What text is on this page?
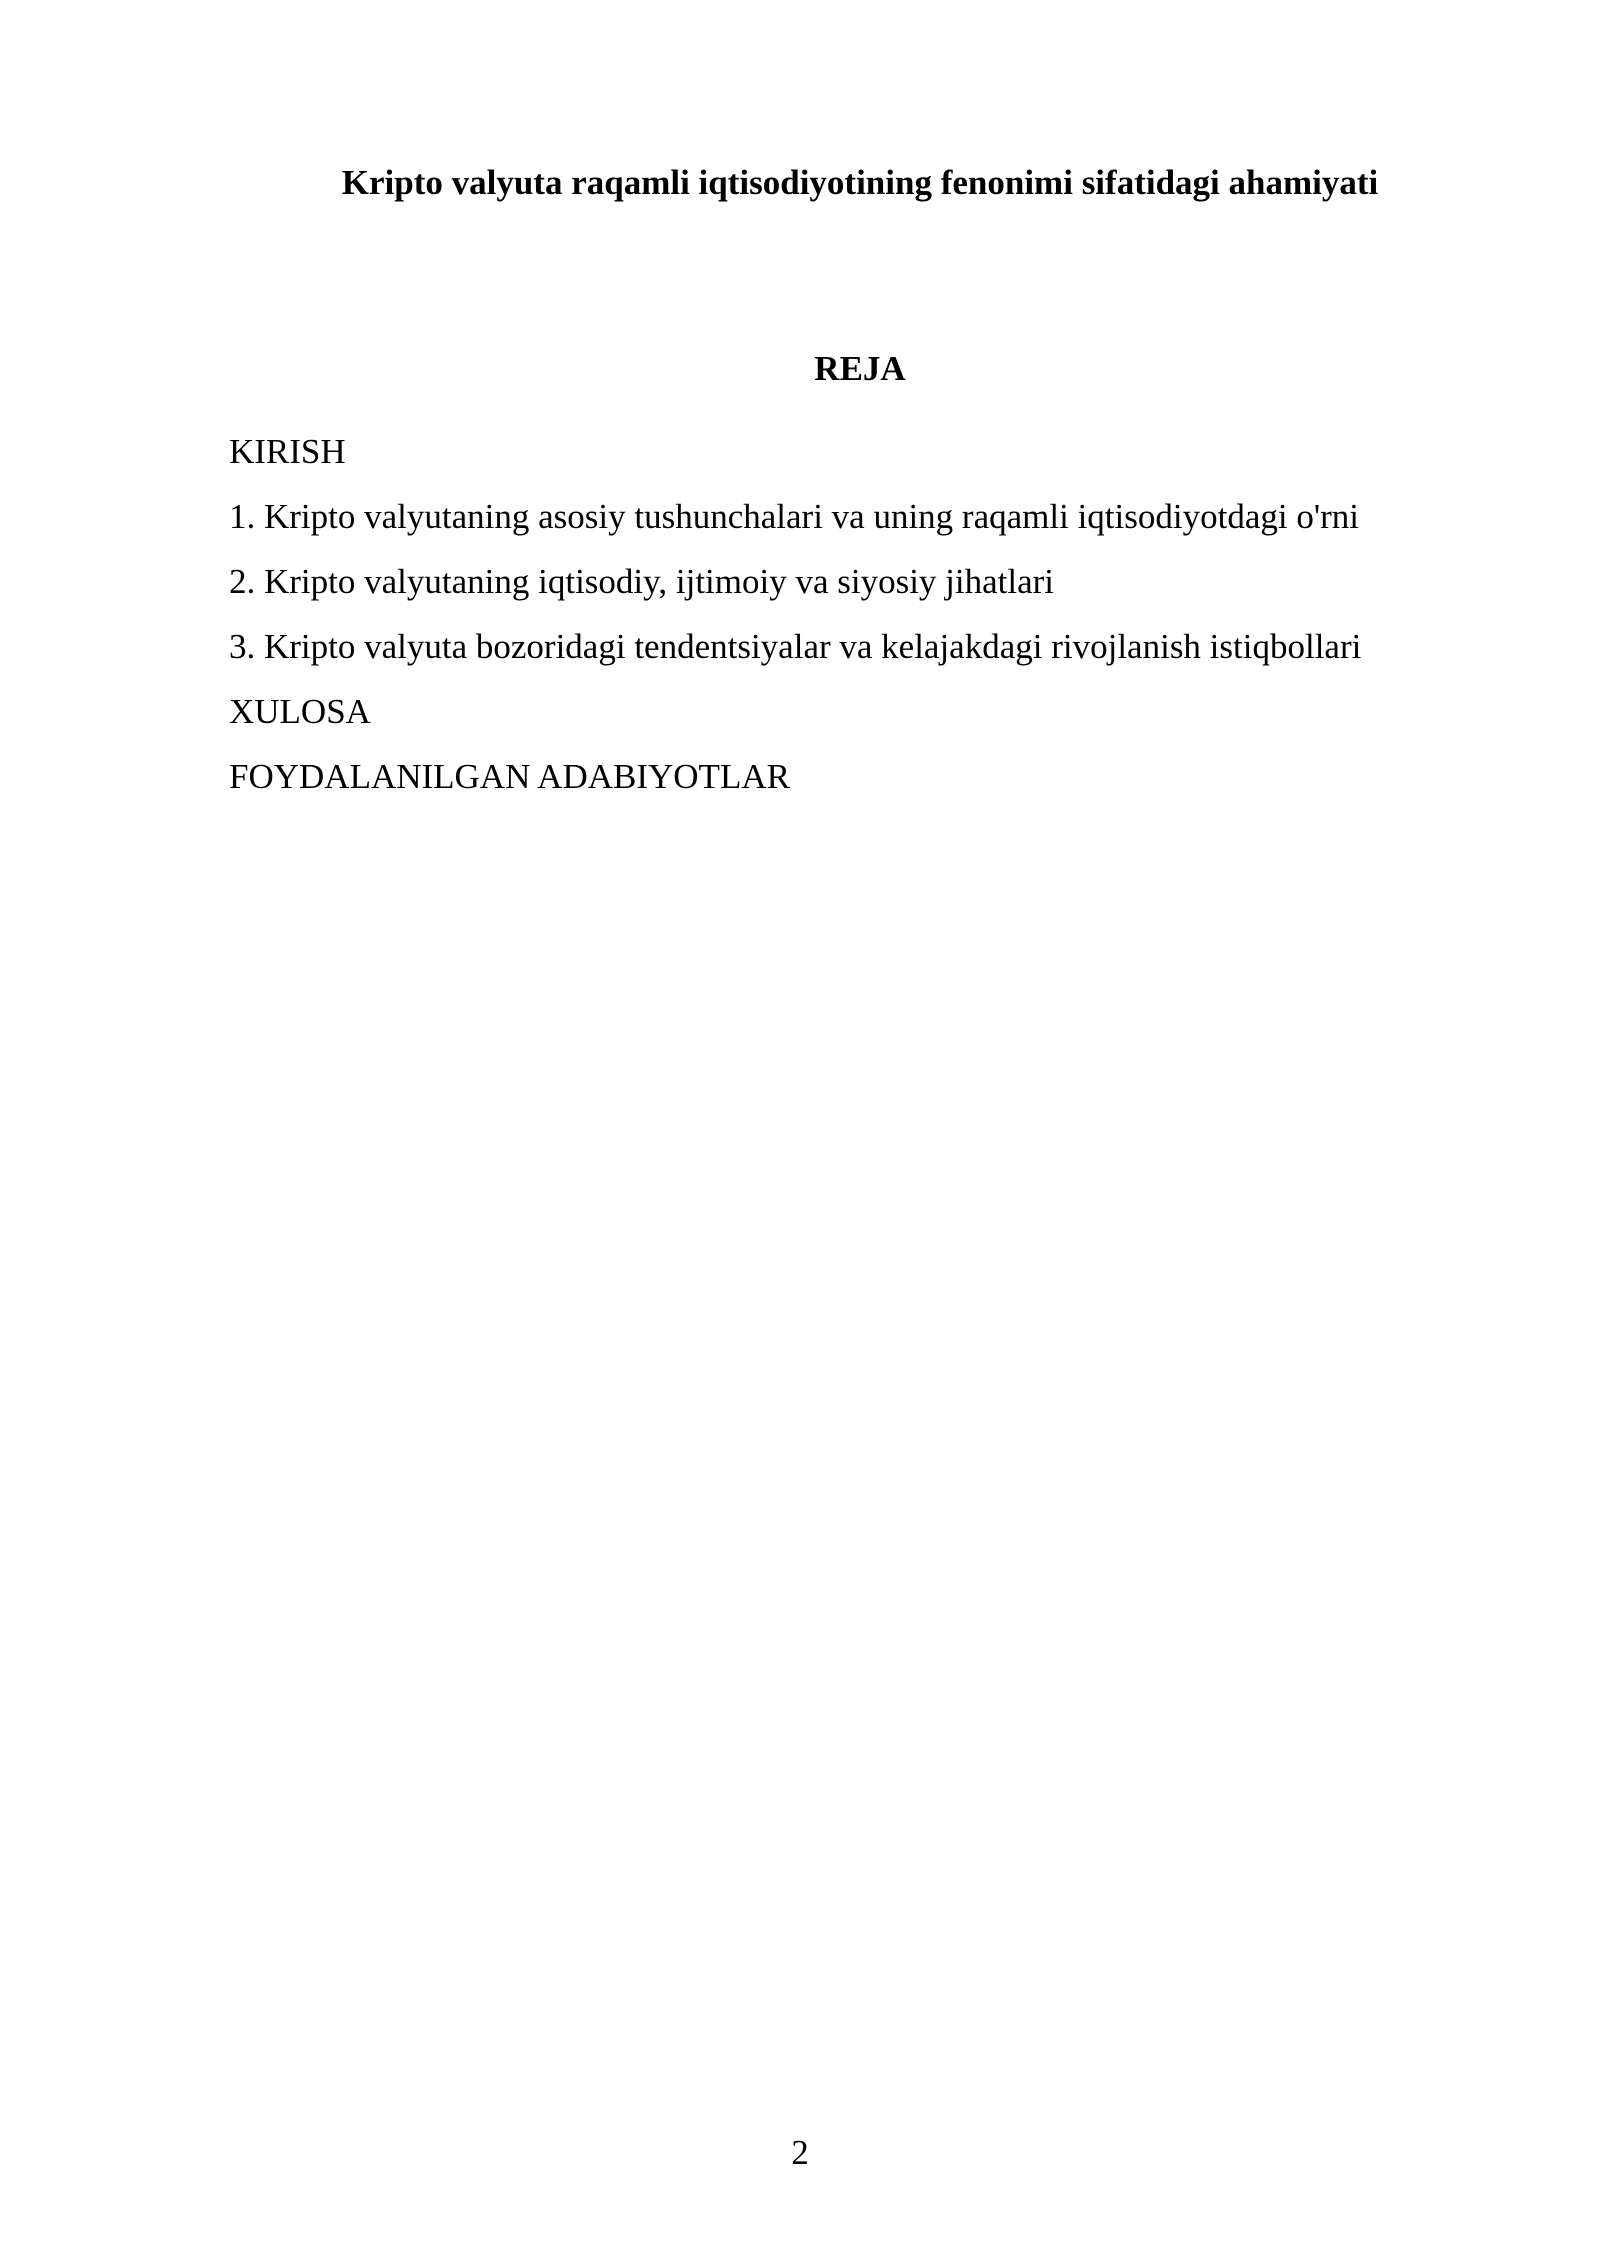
Kripto valyuta raqamli iqtisodiyotining fenonimi sifatidagi ahamiyati
REJA
KIRISH
1. Kripto valyutaning asosiy tushunchalari va uning raqamli iqtisodiyotdagi o'rni
2. Kripto valyutaning iqtisodiy, ijtimoiy va siyosiy jihatlari
3. Kripto valyuta bozoridagi tendentsiyalar va kelajakdagi rivojlanish istiqbollari
XULOSA
FOYDALANILGAN ADABIYOTLAR
2
